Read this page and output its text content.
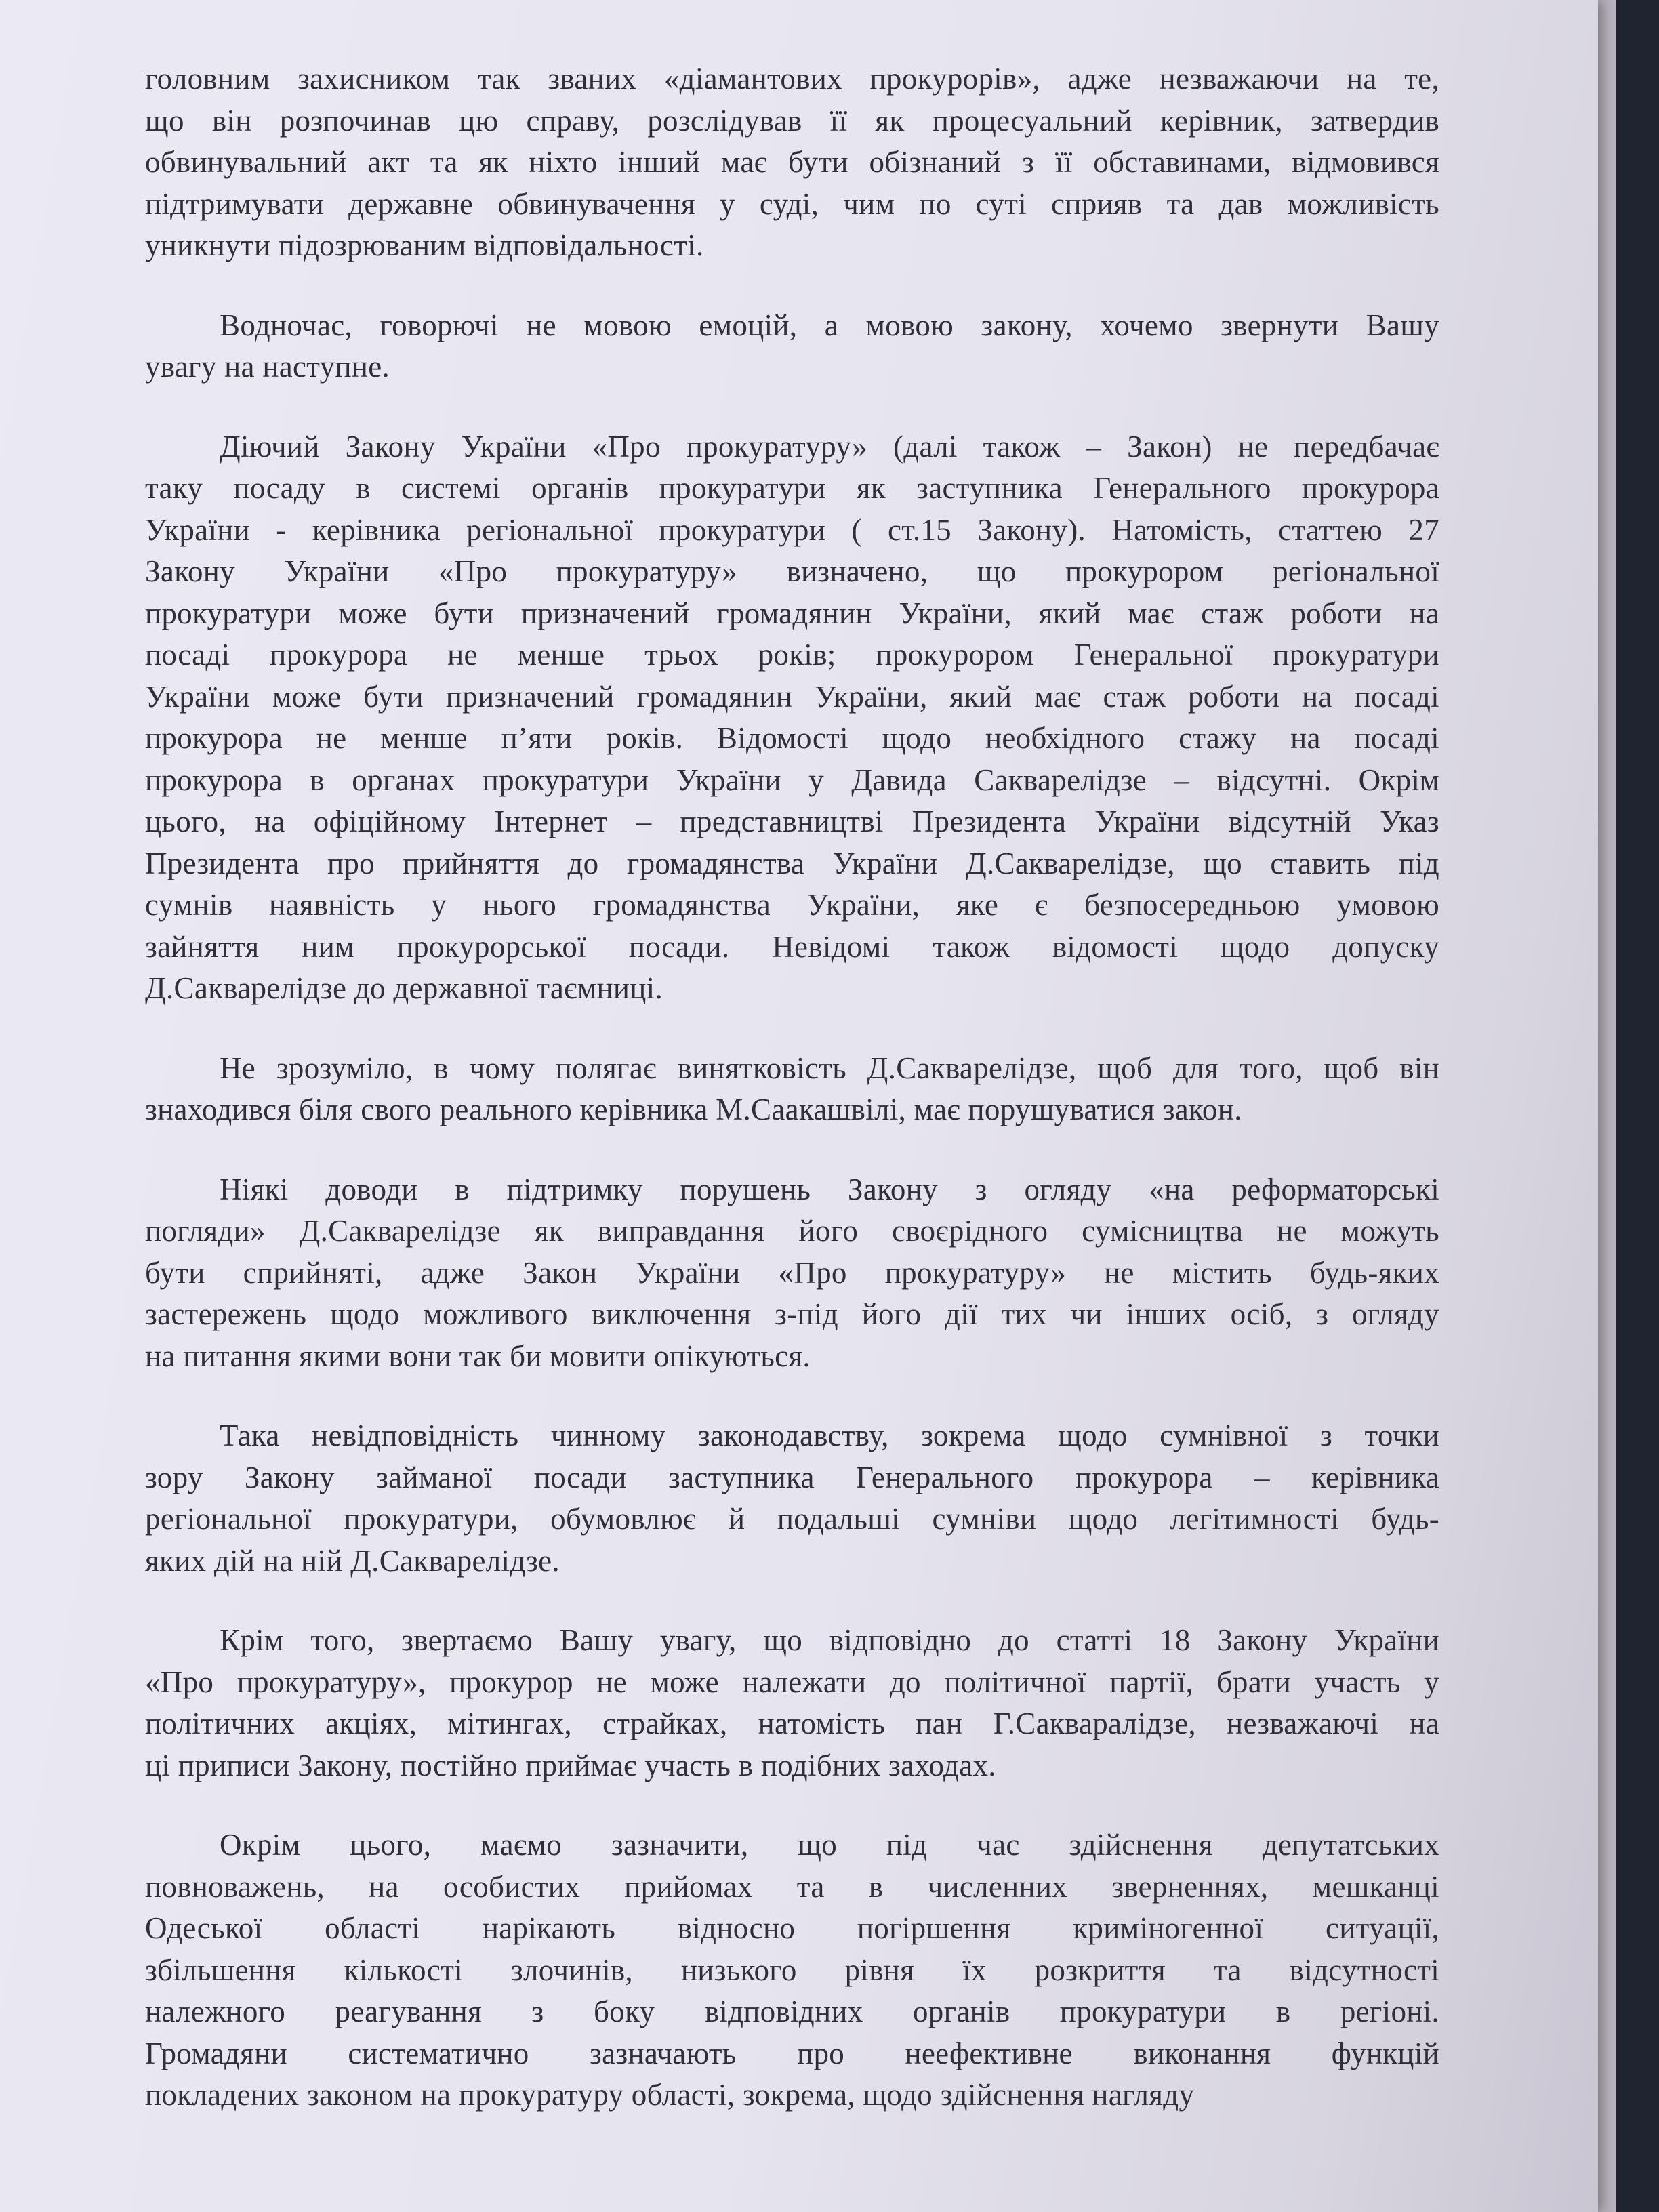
головним захисником так званих «діамантових прокурорів», адже незважаючи на те,
що він розпочинав цю справу, розслідував її як процесуальний керівник, затвердив
обвинувальний акт та як ніхто інший має бути обізнаний з її обставинами, відмовився
підтримувати державне обвинувачення у суді, чим по суті сприяв та дав можливість
уникнути підозрюваним відповідальності.
Водночас, говорючі не мовою емоцій, а мовою закону, хочемо звернути Вашу
увагу на наступне.
Діючий Закону України «Про прокуратуру» (далі також – Закон) не передбачає
таку посаду в системі органів прокуратури як заступника Генерального прокурора
України - керівника регіональної прокуратури ( ст.15 Закону). Натомість, статтею 27
Закону України «Про прокуратуру» визначено, що прокурором регіональної
прокуратури може бути призначений громадянин України, який має стаж роботи на
посаді прокурора не менше трьох років; прокурором Генеральної прокуратури
України може бути призначений громадянин України, який має стаж роботи на посаді
прокурора не менше п’яти років. Відомості щодо необхідного стажу на посаді
прокурора в органах прокуратури України у Давида Сакварелідзе – відсутні. Окрім
цього, на офіційному Інтернет – представництві Президента України відсутній Указ
Президента про прийняття до громадянства України Д.Сакварелідзе, що ставить під
сумнів наявність у нього громадянства України, яке є безпосередньою умовою
зайняття ним прокурорської посади. Невідомі також відомості щодо допуску
Д.Сакварелідзе до державної таємниці.
Не зрозуміло, в чому полягає винятковість Д.Сакварелідзе, щоб для того, щоб він
знаходився біля свого реального керівника М.Саакашвілі, має порушуватися закон.
Ніякі доводи в підтримку порушень Закону з огляду «на реформаторські
погляди» Д.Сакварелідзе як виправдання його своєрідного сумісництва не можуть
бути сприйняті, адже Закон України «Про прокуратуру» не містить будь-яких
застережень щодо можливого виключення з-під його дії тих чи інших осіб, з огляду
на питання якими вони так би мовити опікуються.
Така невідповідність чинному законодавству, зокрема щодо сумнівної з точки
зору Закону займаної посади заступника Генерального прокурора – керівника
регіональної прокуратури, обумовлює й подальші сумніви щодо легітимності будь-
яких дій на ній Д.Сакварелідзе.
Крім того, звертаємо Вашу увагу, що відповідно до статті 18 Закону України
«Про прокуратуру», прокурор не може належати до політичної партії, брати участь у
політичних акціях, мітингах, страйках, натомість пан Г.Сакваралідзе, незважаючі на
ці приписи Закону, постійно приймає участь в подібних заходах.
Окрім цього, маємо зазначити, що під час здійснення депутатських
повноважень, на особистих прийомах та в численних зверненнях, мешканці
Одеської області нарікають відносно погіршення криміногенної ситуації,
збільшення кількості злочинів, низького рівня їх розкриття та відсутності
належного реагування з боку відповідних органів прокуратури в регіоні.
Громадяни систематично зазначають про неефективне виконання функцій
покладених законом на прокуратуру області, зокрема, щодо здійснення нагляду
